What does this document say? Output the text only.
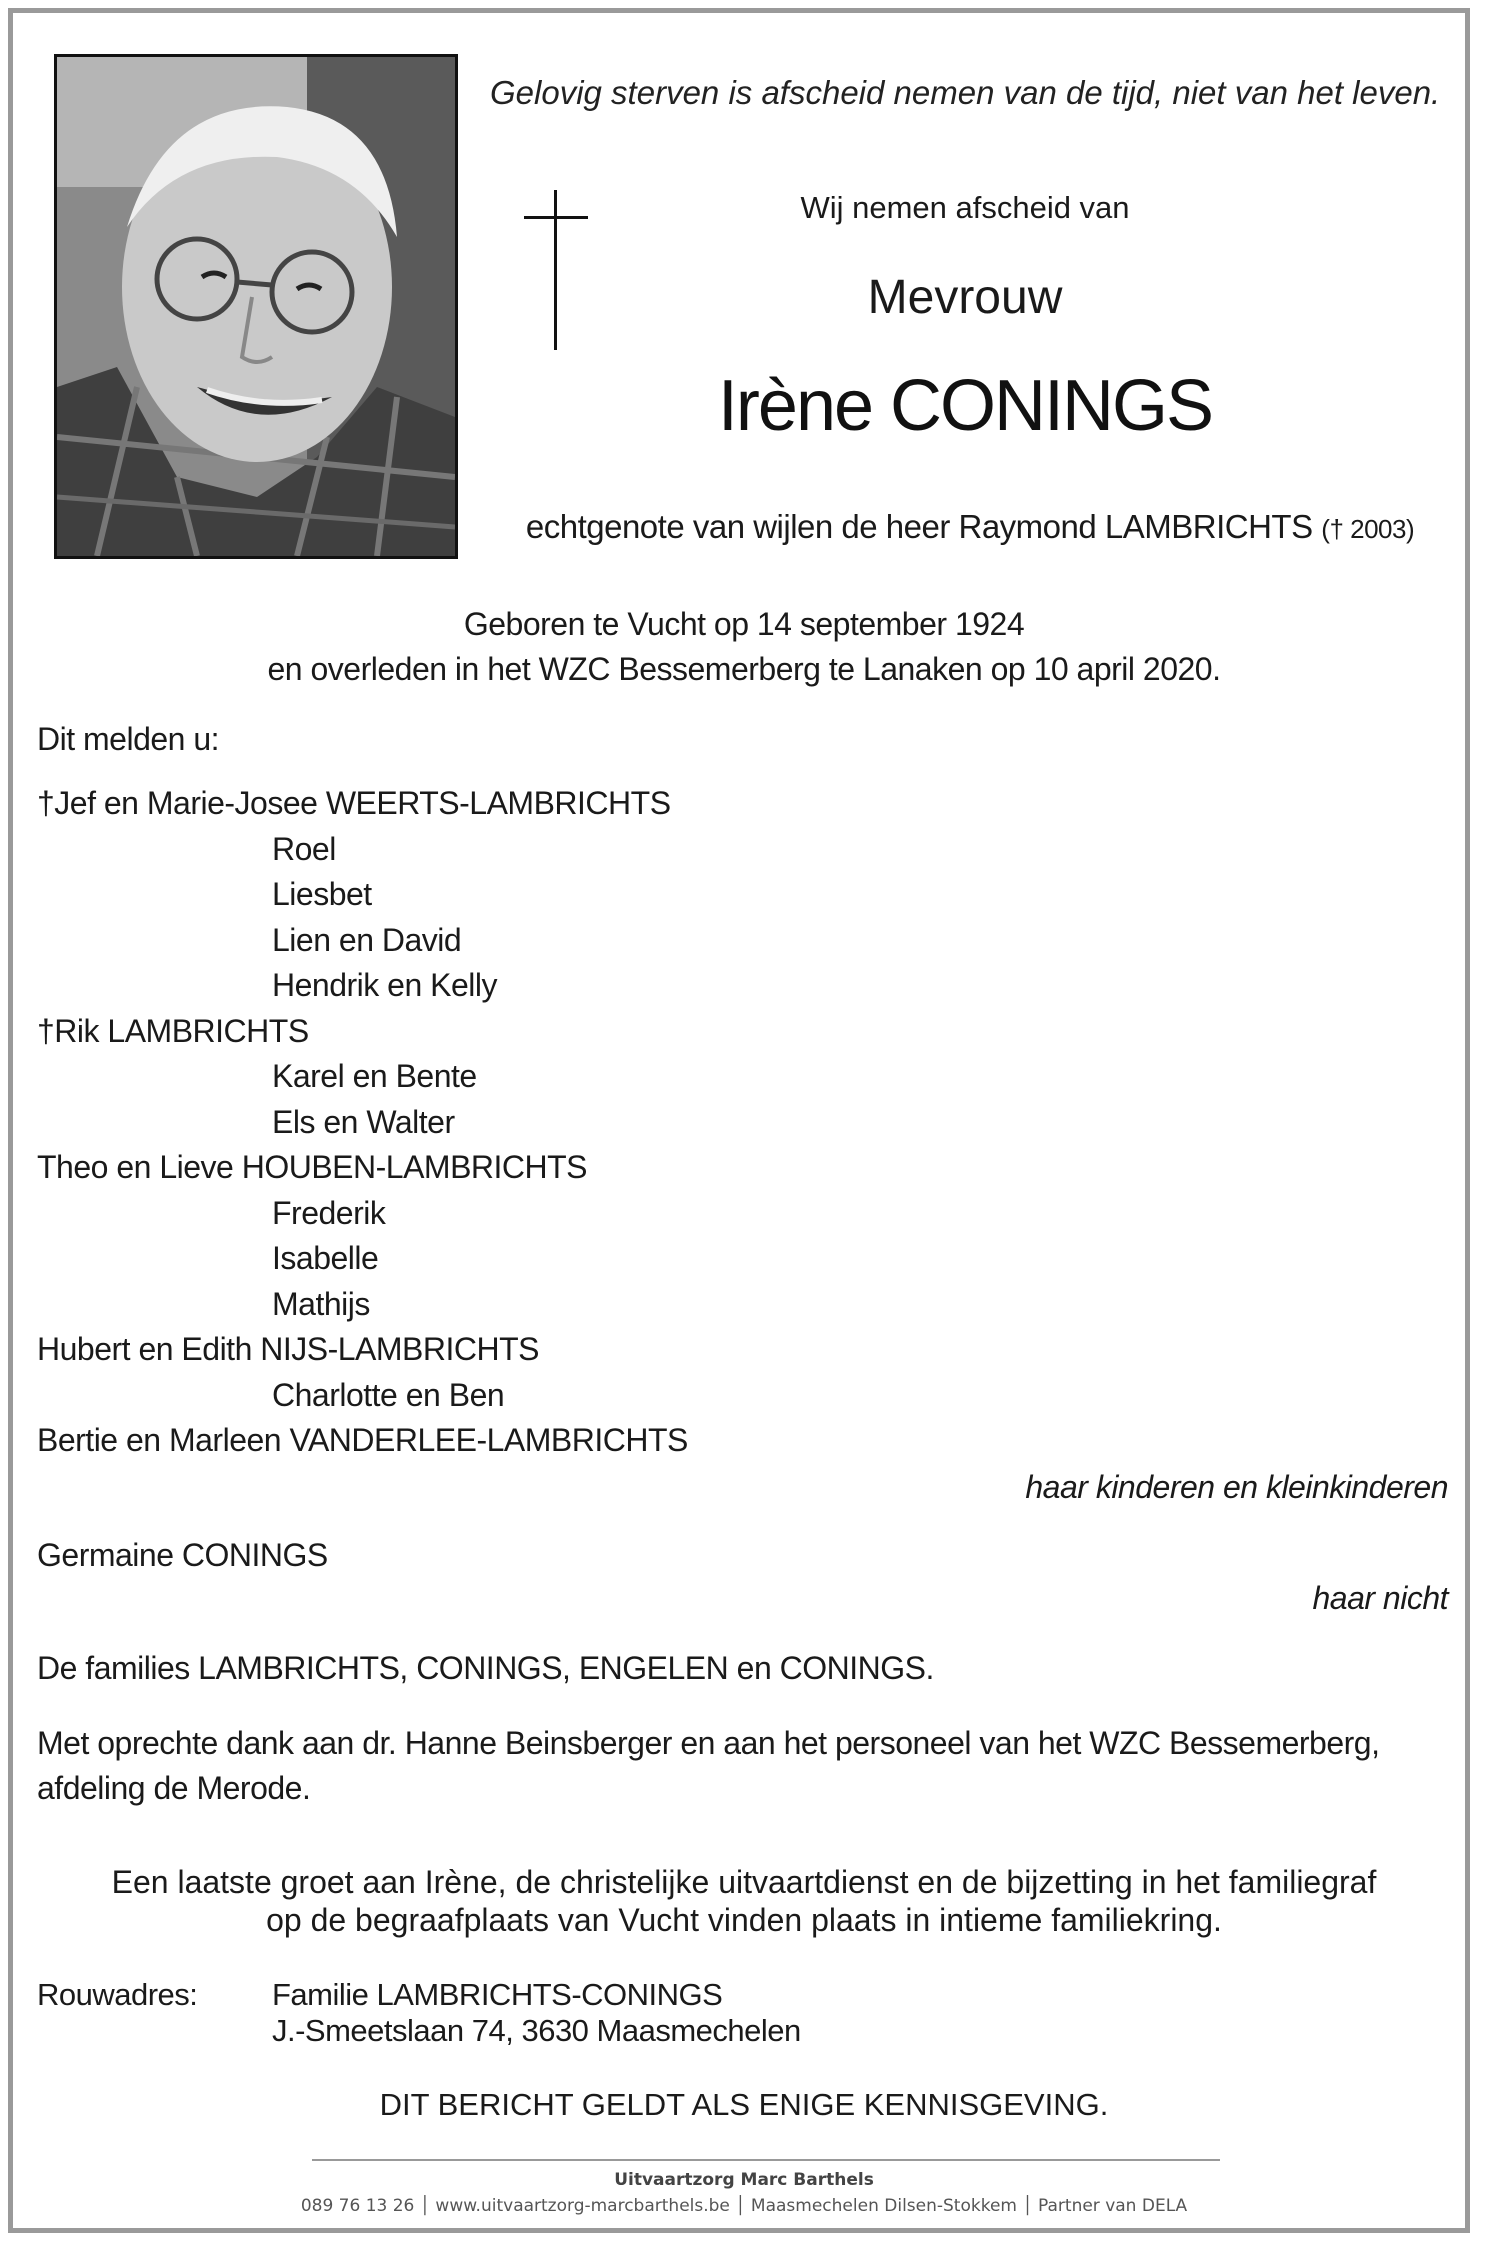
Gelovig sterven is afscheid nemen van de tijd, niet van het leven.
Wij nemen afscheid van
Mevrouw
Irène CONINGS
echtgenote van wijlen de heer Raymond LAMBRICHTS († 2003)
Geboren te Vucht op 14 september 1924
en overleden in het WZC Bessemerberg te Lanaken op 10 april 2020.
Dit melden u:
†Jef en Marie-Josee WEERTS-LAMBRICHTS
Roel
Liesbet
Lien en David
Hendrik en Kelly
†Rik LAMBRICHTS
Karel en Bente
Els en Walter
Theo en Lieve HOUBEN-LAMBRICHTS
Frederik
Isabelle
Mathijs
Hubert en Edith NIJS-LAMBRICHTS
Charlotte en Ben
Bertie en Marleen VANDERLEE-LAMBRICHTS
haar kinderen en kleinkinderen
Germaine CONINGS
haar nicht
De families LAMBRICHTS, CONINGS, ENGELEN en CONINGS.
Met oprechte dank aan dr. Hanne Beinsberger en aan het personeel van het WZC Bessemerberg,
afdeling de Merode.
Een laatste groet aan Irène, de christelijke uitvaartdienst en de bijzetting in het familiegraf
op de begraafplaats van Vucht vinden plaats in intieme familiekring.
Rouwadres: Familie LAMBRICHTS-CONINGS
J.-Smeetslaan 74, 3630 Maasmechelen
DIT BERICHT GELDT ALS ENIGE KENNISGEVING.
Uitvaartzorg Marc Barthels
089 76 13 26 │ www.uitvaartzorg-marcbarthels.be │ Maasmechelen Dilsen-Stokkem │ Partner van DELA
